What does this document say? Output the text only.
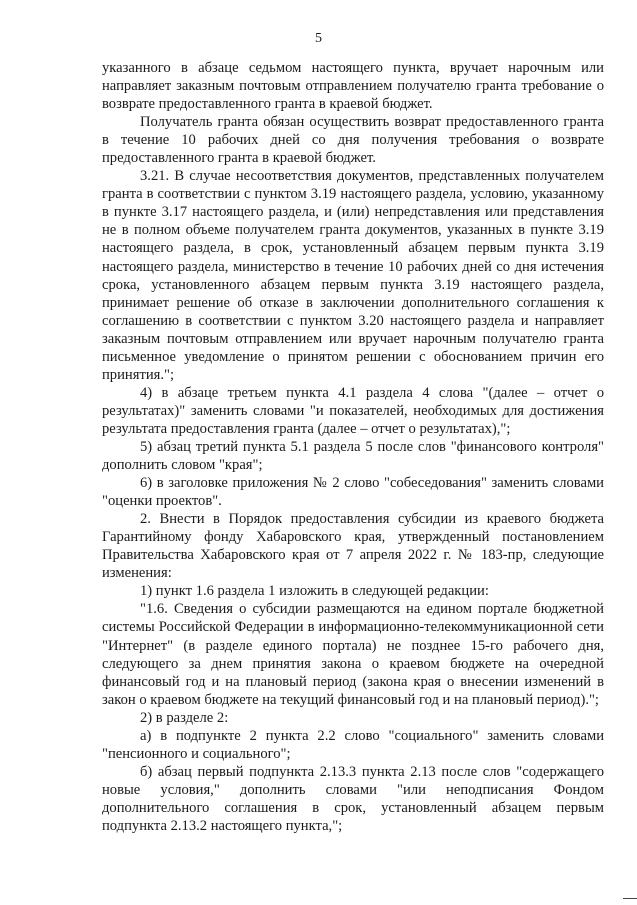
5

указанного в абзаце седьмом настоящего пункта, вручает нарочным или направляет заказным почтовым отправлением получателю гранта требование о возврате предоставленного гранта в краевой бюджет.

Получатель гранта обязан осуществить возврат предоставленного гранта в течение 10 рабочих дней со дня получения требования о возврате предоставленного гранта в краевой бюджет.

3.21. В случае несоответствия документов, представленных получателем гранта в соответствии с пунктом 3.19 настоящего раздела, условию, указанному в пункте 3.17 настоящего раздела, и (или) непредставления или представления не в полном объеме получателем гранта документов, указанных в пункте 3.19 настоящего раздела, в срок, установленный абзацем первым пункта 3.19 настоящего раздела, министерство в течение 10 рабочих дней со дня истечения срока, установленного абзацем первым пункта 3.19 настоящего раздела, принимает решение об отказе в заключении дополнительного соглашения к соглашению в соответствии с пунктом 3.20 настоящего раздела и направляет заказным почтовым отправлением или вручает нарочным получателю гранта письменное уведомление о принятом решении с обоснованием причин его принятия.";

4) в абзаце третьем пункта 4.1 раздела 4 слова "(далее – отчет о результатах)" заменить словами "и показателей, необходимых для достижения результата предоставления гранта (далее – отчет о результатах),";

5) абзац третий пункта 5.1 раздела 5 после слов "финансового контроля" дополнить словом "края";

6) в заголовке приложения № 2 слово "собеседования" заменить словами "оценки проектов".

2. Внести в Порядок предоставления субсидии из краевого бюджета Гарантийному фонду Хабаровского края, утвержденный постановлением Правительства Хабаровского края от 7 апреля 2022 г. № 183-пр, следующие изменения:

1) пункт 1.6 раздела 1 изложить в следующей редакции:

"1.6. Сведения о субсидии размещаются на едином портале бюджетной системы Российской Федерации в информационно-телекоммуникационной сети "Интернет" (в разделе единого портала) не позднее 15-го рабочего дня, следующего за днем принятия закона о краевом бюджете на очередной финансовый год и на плановый период (закона края о внесении изменений в закон о краевом бюджете на текущий финансовый год и на плановый период).";

2) в разделе 2:

а) в подпункте 2 пункта 2.2 слово "социального" заменить словами "пенсионного и социального";

б) абзац первый подпункта 2.13.3 пункта 2.13 после слов "содержащего новые условия," дополнить словами "или неподписания Фондом дополнительного соглашения в срок, установленный абзацем первым подпункта 2.13.2 настоящего пункта,";
